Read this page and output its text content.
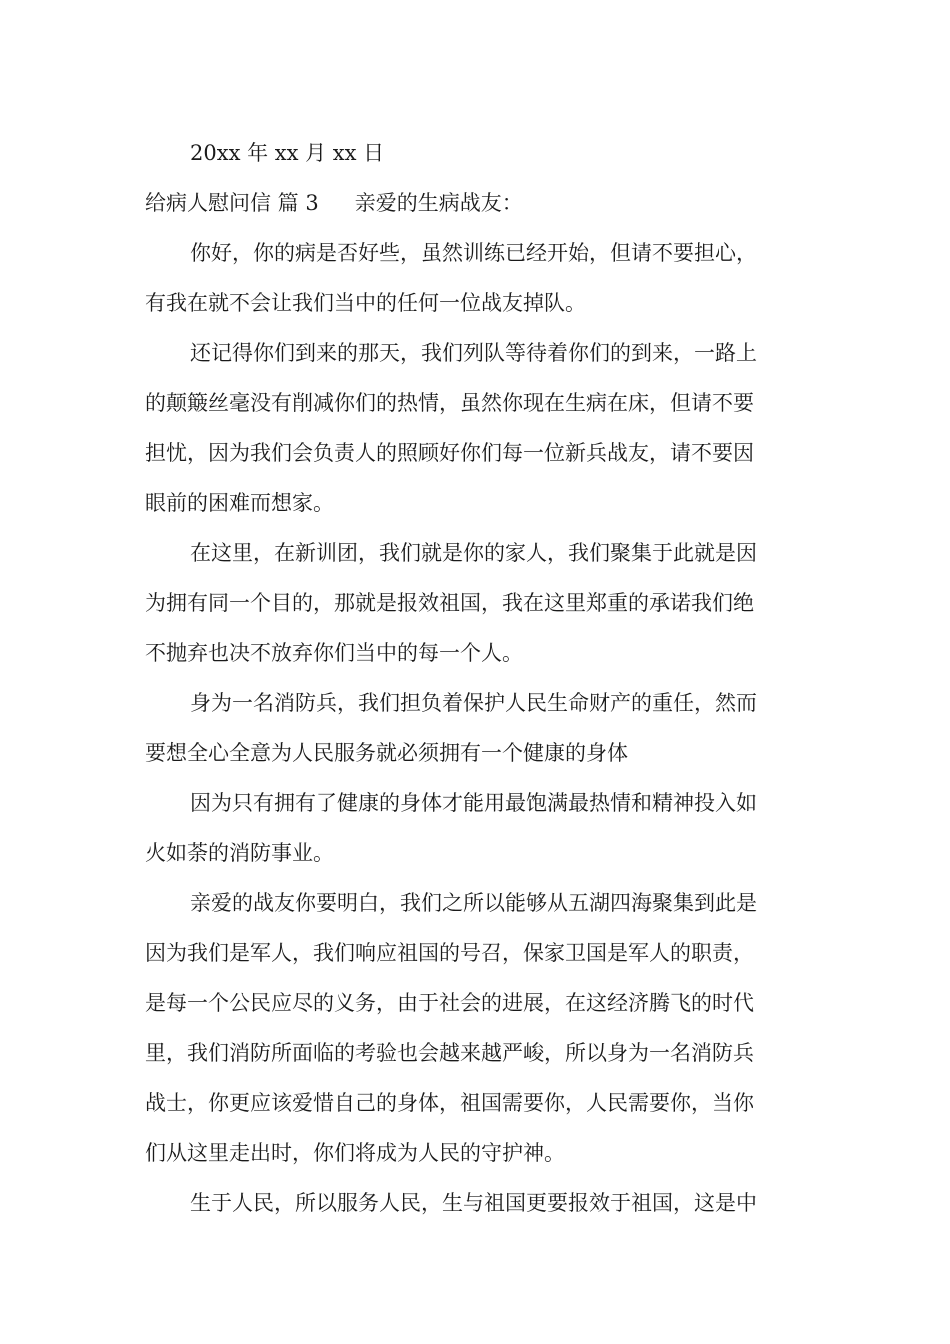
20xx 年 xx 月 xx 日
给病人慰问信 篇 3 亲爱的生病战友：
你好，你的病是否好些，虽然训练已经开始，但请不要担心，
有我在就不会让我们当中的任何一位战友掉队。
还记得你们到来的那天，我们列队等待着你们的到来，一路上
的颠簸丝毫没有削减你们的热情，虽然你现在生病在床，但请不要
担忧，因为我们会负责人的照顾好你们每一位新兵战友，请不要因
眼前的困难而想家。
在这里，在新训团，我们就是你的家人，我们聚集于此就是因
为拥有同一个目的，那就是报效祖国，我在这里郑重的承诺我们绝
不抛弃也决不放弃你们当中的每一个人。
身为一名消防兵，我们担负着保护人民生命财产的重任，然而
要想全心全意为人民服务就必须拥有一个健康的身体
因为只有拥有了健康的身体才能用最饱满最热情和精神投入如
火如荼的消防事业。
亲爱的战友你要明白，我们之所以能够从五湖四海聚集到此是
因为我们是军人，我们响应祖国的号召，保家卫国是军人的职责，
是每一个公民应尽的义务，由于社会的进展，在这经济腾飞的时代
里，我们消防所面临的考验也会越来越严峻，所以身为一名消防兵
战士，你更应该爱惜自己的身体，祖国需要你，人民需要你，当你
们从这里走出时，你们将成为人民的守护神。
生于人民，所以服务人民，生与祖国更要报效于祖国，这是中
